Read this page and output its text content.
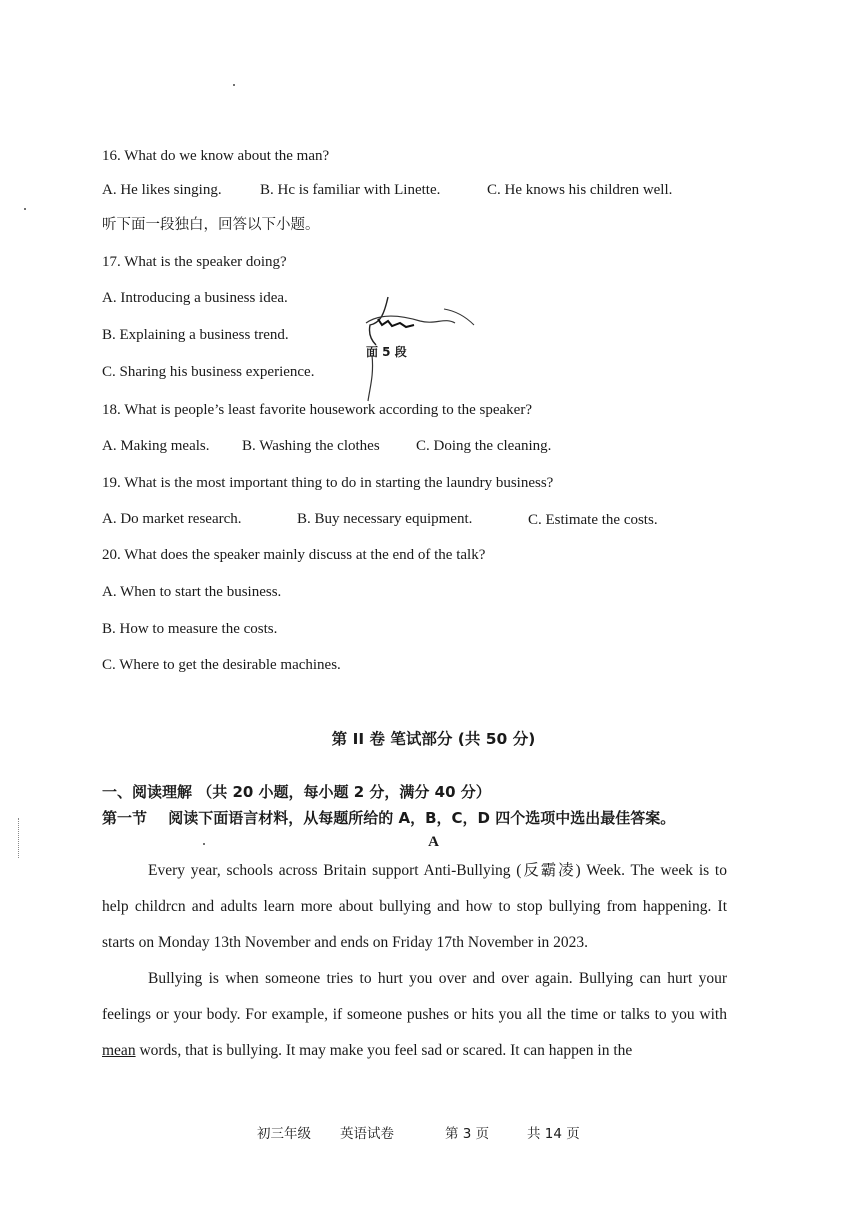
16. What do we know about the man?
A. He likes singing.	B. Hc is familiar with Linette.	C. He knows his children well.
听下面一段独白，回答以下小题。
17. What is the speaker doing?
A. Introducing a business idea.
B. Explaining a business trend.
C. Sharing his business experience.
面 5 段
18. What is people’s least favorite housework according to the speaker?
A. Making meals. B. Washing the clothes C. Doing the cleaning.
19. What is the most important thing to do in starting the laundry business?
A. Do market research.	B. Buy necessary equipment.	C. Estimate the costs.
20. What does the speaker mainly discuss at the end of the talk?
A. When to start the business.
B. How to measure the costs.
C. Where to get the desirable machines.
第 II 卷 笔试部分 (共 50 分)
一、阅读理解 （共 20 小题，每小题 2 分，满分 40 分）
第一节 阅读下面语言材料，从每题所给的 A，B，C，D 四个选项中选出最佳答案。
A

Every year, schools across Britain support Anti-Bullying (反霸凌) Week. The week is to help childrcn and adults learn more about bullying and how to stop bullying from happening. It starts on Monday 13th November and ends on Friday 17th November in 2023.

Bullying is when someone tries to hurt you over and over again. Bullying can hurt your feelings or your body. For example, if someone pushes or hits you all the time or talks to you with mean words, that is bullying. It may make you feel sad or scared. It can happen in the

初三年级 英语试卷	第 3 页	共 14 页
